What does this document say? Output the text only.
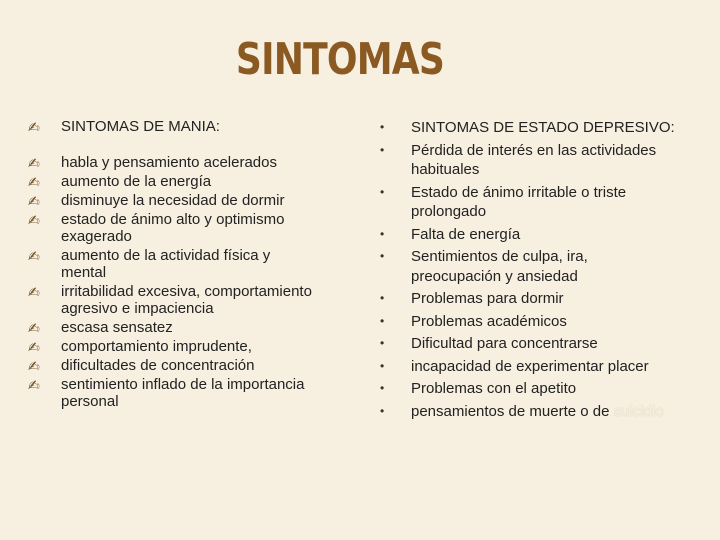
SINTOMAS
✍ SINTOMAS DE MANIA:
✍ habla y pensamiento acelerados
✍ aumento de la energía
✍ disminuye la necesidad de dormir
✍ estado de ánimo alto y optimismo exagerado
✍ aumento de la actividad física y mental
✍ irritabilidad excesiva, comportamiento agresivo e impaciencia
✍ escasa sensatez
✍ comportamiento imprudente,
✍ dificultades de concentración
✍ sentimiento inflado de la importancia personal
• SINTOMAS DE ESTADO DEPRESIVO:
• Pérdida de interés en las actividades habituales
• Estado de ánimo irritable o triste prolongado
• Falta de energía
• Sentimientos de culpa, ira, preocupación y ansiedad
• Problemas para dormir
• Problemas académicos
• Dificultad para concentrarse
• incapacidad de experimentar placer
• Problemas con el apetito
• pensamientos de muerte o de suicidio
